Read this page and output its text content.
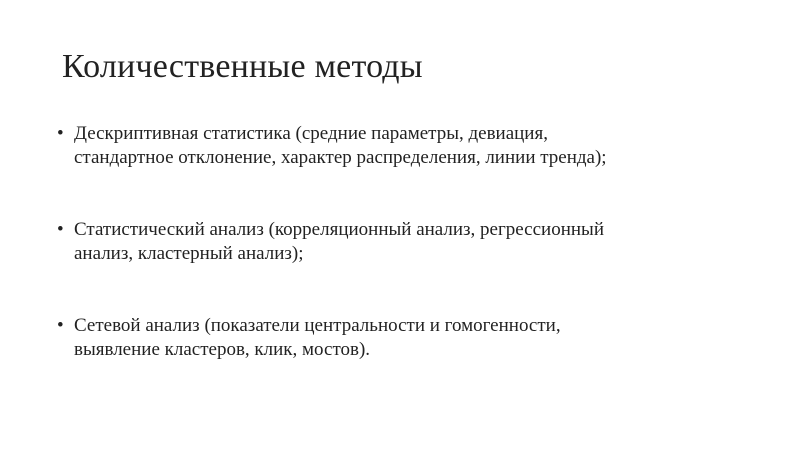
Количественные методы
• Дескриптивная статистика (средние параметры, девиация,
стандартное отклонение, характер распределения, линии тренда);
• Статистический анализ (корреляционный анализ, регрессионный
анализ, кластерный анализ);
• Сетевой анализ (показатели центральности и гомогенности,
выявление кластеров, клик, мостов).
